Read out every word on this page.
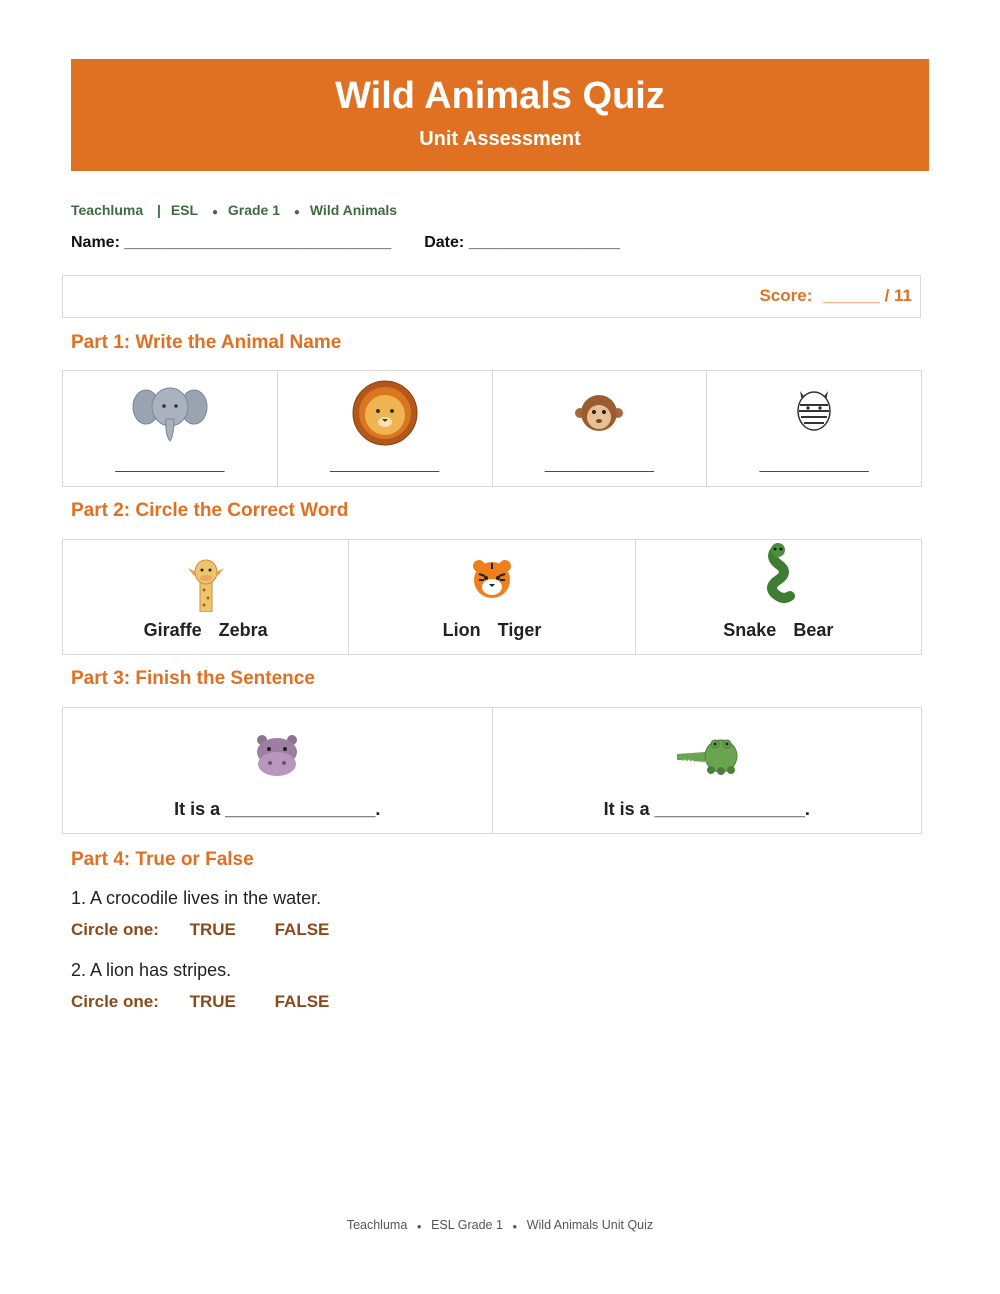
Wild Animals Quiz
Unit Assessment
Teachluma | ESL ● Grade 1 ● Wild Animals
Name: ______________________________ Date: _________________
Score: ______ / 11
Part 1: Write the Animal Name
______________	______________	______________	______________
Part 2: Circle the Correct Word
Giraffe Zebra	Lion Tiger	Snake Bear
Part 3: Finish the Sentence
It is a _______________.	It is a _______________.
Part 4: True or False
1. A crocodile lives in the water.
Circle one: TRUE FALSE
2. A lion has stripes.
Circle one: TRUE FALSE
Teachluma ● ESL Grade 1 ● Wild Animals Unit Quiz
